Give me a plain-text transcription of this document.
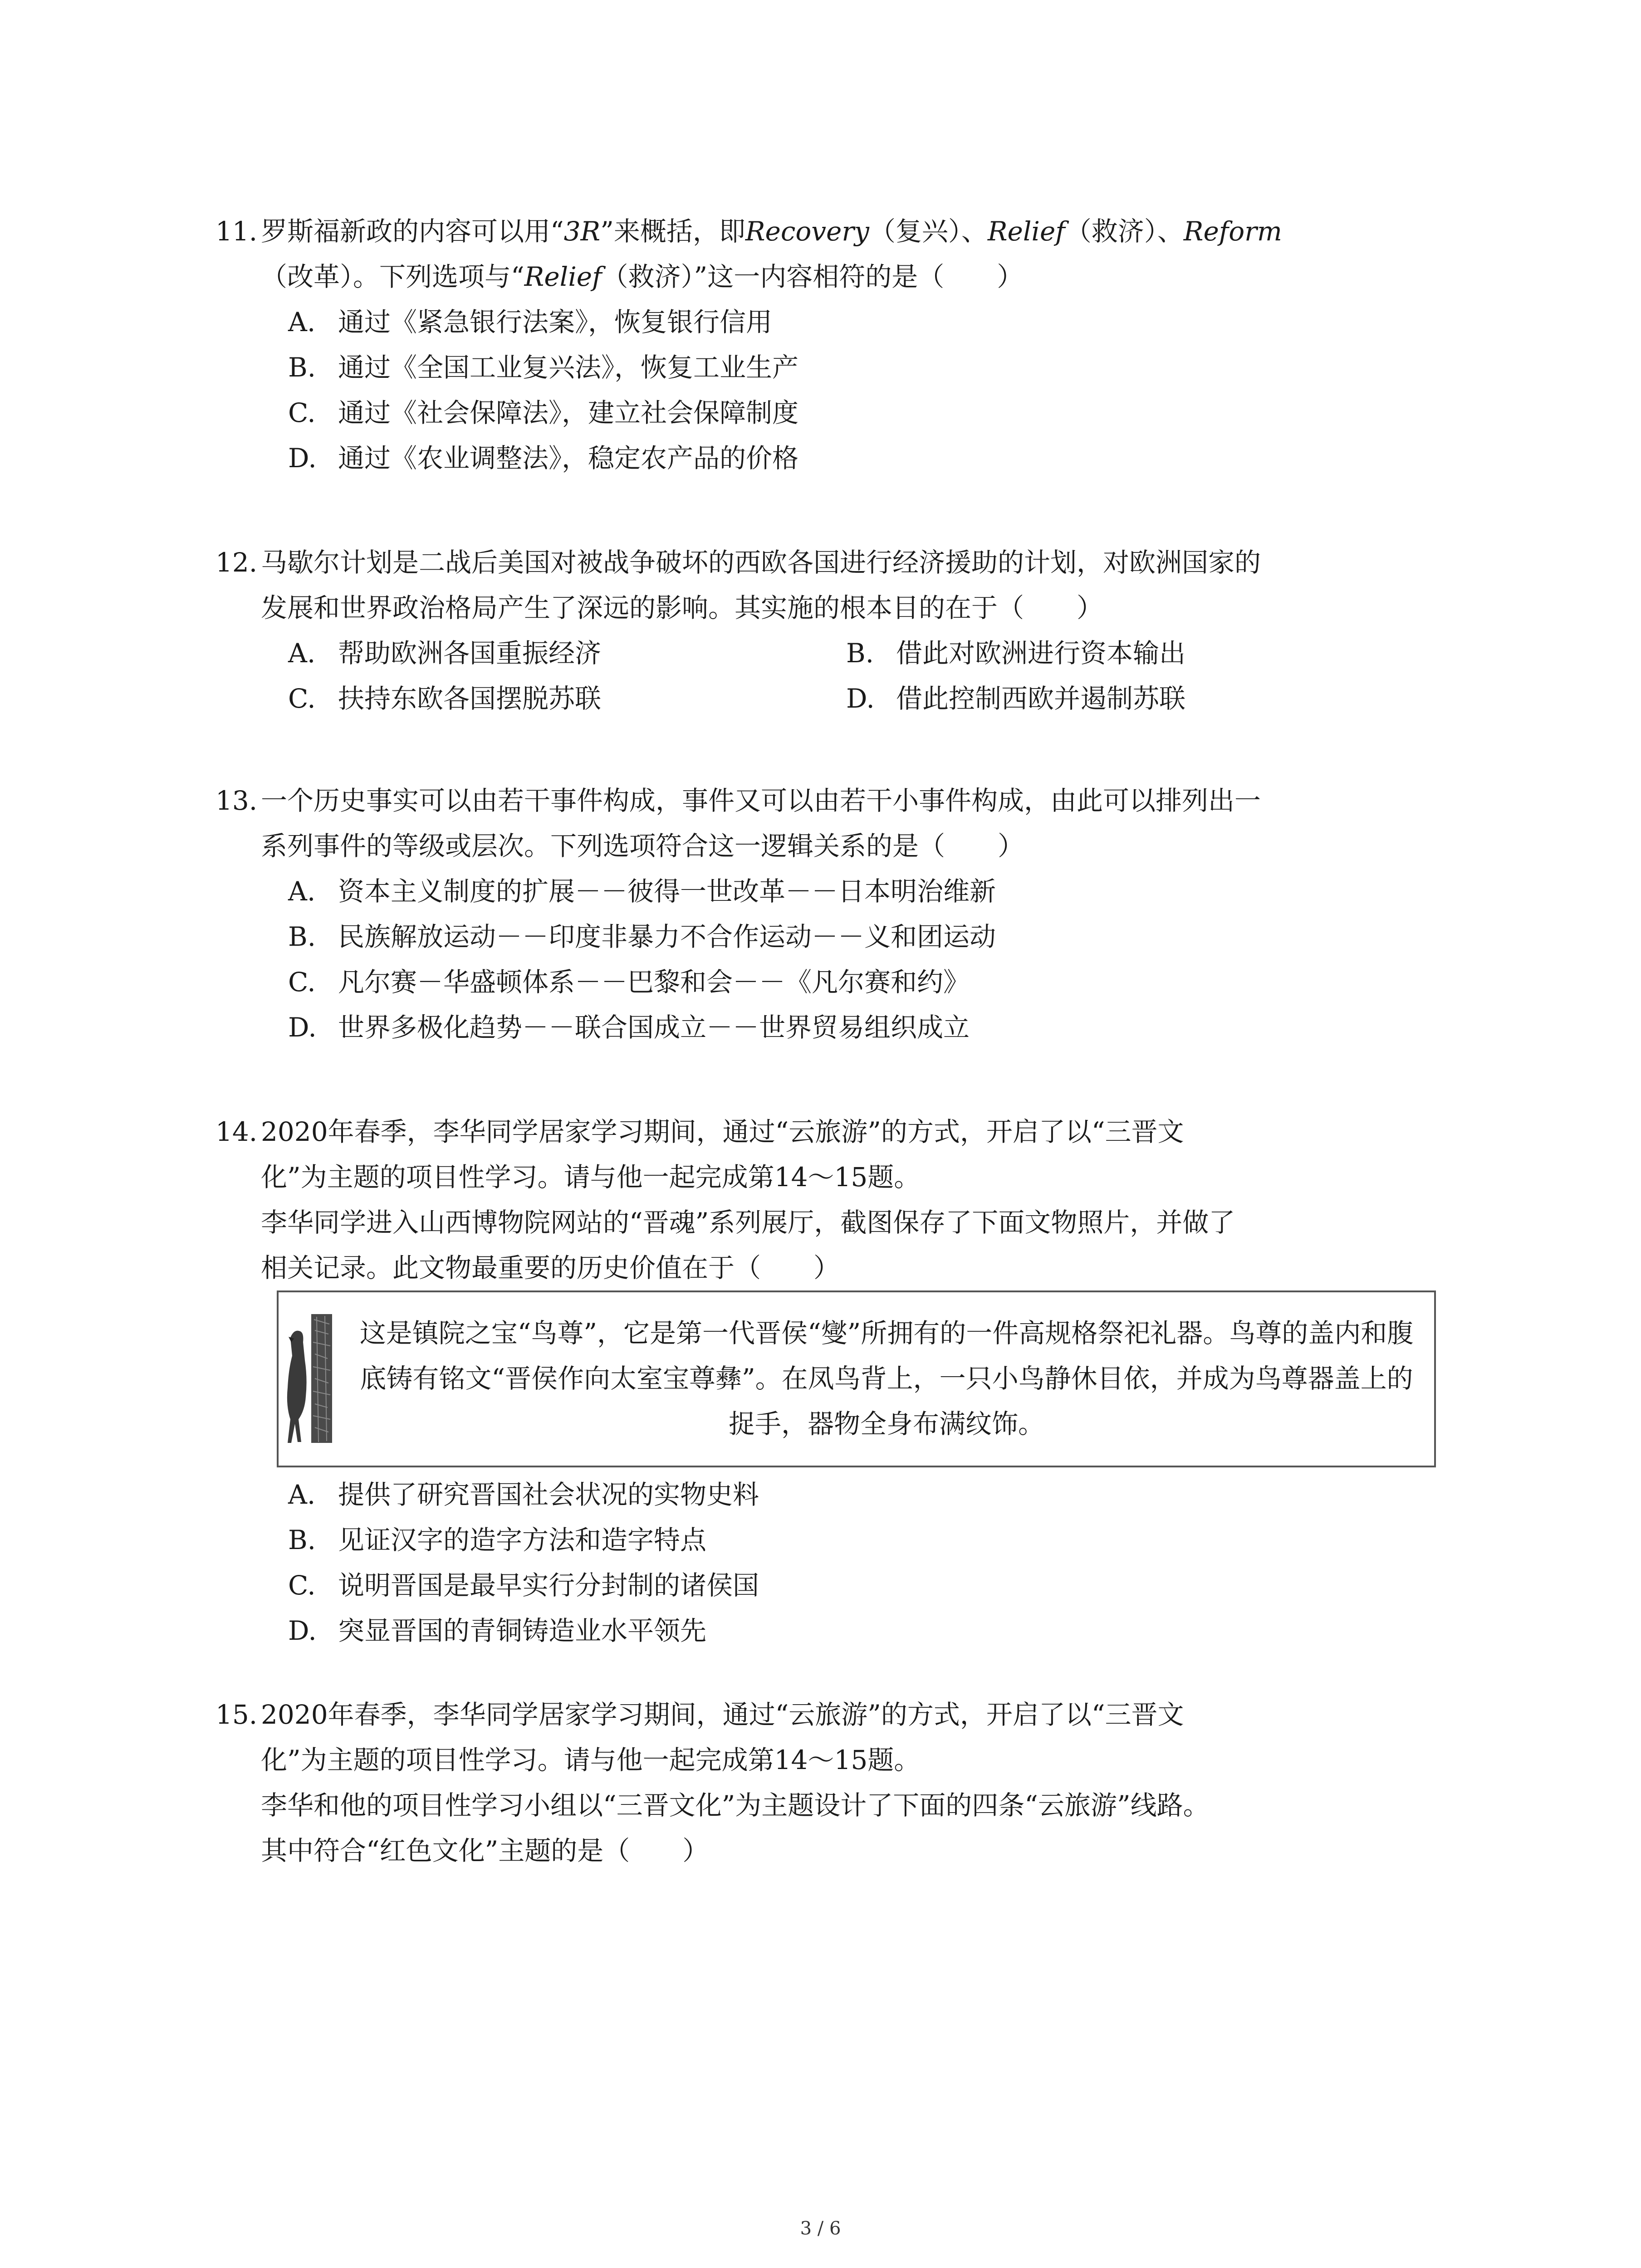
11. 罗斯福新政的内容可以用“3R”来概括，即Recovery（复兴）、Relief（救济）、Reform
（改革）。下列选项与“Relief（救济）”这一内容相符的是（　　）
A. 通过《紧急银行法案》，恢复银行信用
B. 通过《全国工业复兴法》，恢复工业生产
C. 通过《社会保障法》，建立社会保障制度
D. 通过《农业调整法》，稳定农产品的价格
12. 马歇尔计划是二战后美国对被战争破坏的西欧各国进行经济援助的计划，对欧洲国家的
发展和世界政治格局产生了深远的影响。其实施的根本目的在于（　　）
A. 帮助欧洲各国重振经济	B. 借此对欧洲进行资本输出
C. 扶持东欧各国摆脱苏联	D. 借此控制西欧并遏制苏联
13. 一个历史事实可以由若干事件构成，事件又可以由若干小事件构成，由此可以排列出一
系列事件的等级或层次。下列选项符合这一逻辑关系的是（　　）
A. 资本主义制度的扩展－－彼得一世改革－－日本明治维新
B. 民族解放运动－－印度非暴力不合作运动－－义和团运动
C. 凡尔赛－华盛顿体系－－巴黎和会－－《凡尔赛和约》
D. 世界多极化趋势－－联合国成立－－世界贸易组织成立
14. 2020年春季，李华同学居家学习期间，通过“云旅游”的方式，开启了以“三晋文
化”为主题的项目性学习。请与他一起完成第14～15题。
李华同学进入山西博物院网站的“晋魂”系列展厅，截图保存了下面文物照片，并做了
相关记录。此文物最重要的历史价值在于（　　）
这是镇院之宝“鸟尊”，它是第一代晋侯“燮”所拥有的一件高规格祭祀礼器。鸟尊的盖内和腹底铸有铭文“晋侯作向太室宝尊彝”。在凤鸟背上，一只小鸟静休目依，并成为鸟尊器盖上的捉手，器物全身布满纹饰。
A. 提供了研究晋国社会状况的实物史料
B. 见证汉字的造字方法和造字特点
C. 说明晋国是最早实行分封制的诸侯国
D. 突显晋国的青铜铸造业水平领先
15. 2020年春季，李华同学居家学习期间，通过“云旅游”的方式，开启了以“三晋文
化”为主题的项目性学习。请与他一起完成第14～15题。
李华和他的项目性学习小组以“三晋文化”为主题设计了下面的四条“云旅游”线路。
其中符合“红色文化”主题的是（　　）
3 / 6
